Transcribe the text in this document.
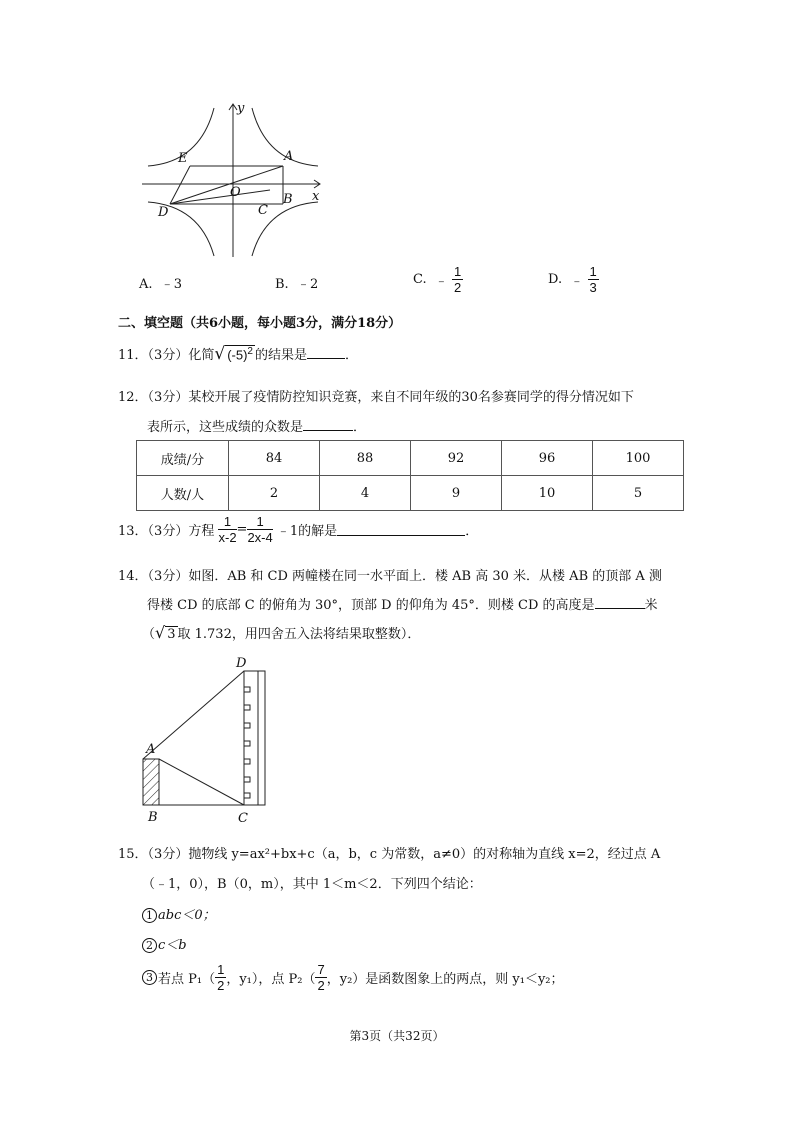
y
x
E	A
O
D	C
B
A. ﹣3	B. ﹣2	C. ﹣ $\frac{1}{2}$	D. ﹣ $\frac{1}{3}$
二、填空题（共6小题，每小题3分，满分18分）
11．（3分）化简√ $(-5)^2$ 的结果是	．
12．（3分）某校开展了疫情防控知识竞赛，来自不同年级的30名参赛同学的得分情况如下
表所示，这些成绩的众数是	．
成绩/分	84	88	92	96	100
人数/人	2	4	9	10	5
13．（3分）方程 $\frac{1}{x-2} = \frac{1}{2x-4}$ ﹣1的解是	．
14．（3分）如图．AB 和 CD 两幢楼在同一水平面上．楼 AB 高 30 米．从楼 AB 的顶部 A 测
得楼 CD 的底部 C 的俯角为 30°，顶部 D 的仰角为 45°．则楼 CD 的高度是	米
（√ 3 取 1.732，用四舍五入法将结果取整数）．
D
A
B	C
15．（3分）抛物线 y=ax²+bx+c（a，b，c 为常数，a≠0）的对称轴为直线 x=2，经过点 A
（﹣1，0），B（0，m），其中 1＜m＜2．下列四个结论：
1 abc＜0；
2 c＜b
3 若点 $P_1( \frac{1}{2}$ ，y₁），点 $P_2( \frac{7}{2}$ ，y₂）是函数图象上的两点，则 y₁＜y₂；
第3页（共32页）
